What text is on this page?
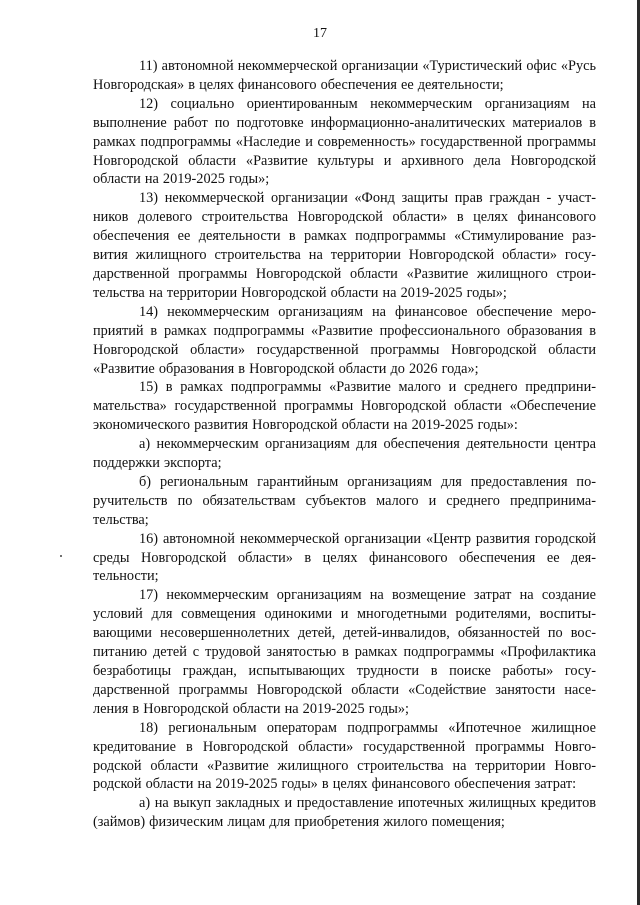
17

11) автономной некоммерческой организации «Туристический офис «Русь Новгородская» в целях финансового обеспечения ее деятельности;

12) социально ориентированным некоммерческим организациям на выполнение работ по подготовке информационно-аналитических материалов в рамках подпрограммы «Наследие и современность» государственной программы Новгородской области «Развитие культуры и архивного дела Новгородской области на 2019-2025 годы»;

13) некоммерческой организации «Фонд защиты прав граждан - участников долевого строительства Новгородской области» в целях финансового обеспечения ее деятельности в рамках подпрограммы «Стимулирование развития жилищного строительства на территории Новгородской области» государственной программы Новгородской области «Развитие жилищного строительства на территории Новгородской области на 2019-2025 годы»;

14) некоммерческим организациям на финансовое обеспечение мероприятий в рамках подпрограммы «Развитие профессионального образования в Новгородской области» государственной программы Новгородской области «Развитие образования в Новгородской области до 2026 года»;

15) в рамках подпрограммы «Развитие малого и среднего предпринимательства» государственной программы Новгородской области «Обеспечение экономического развития Новгородской области на 2019-2025 годы»:

а) некоммерческим организациям для обеспечения деятельности центра поддержки экспорта;

б) региональным гарантийным организациям для предоставления поручительств по обязательствам субъектов малого и среднего предпринимательства;

16) автономной некоммерческой организации «Центр развития городской среды Новгородской области» в целях финансового обеспечения ее деятельности;

17) некоммерческим организациям на возмещение затрат на создание условий для совмещения одинокими и многодетными родителями, воспитывающими несовершеннолетних детей, детей-инвалидов, обязанностей по воспитанию детей с трудовой занятостью в рамках подпрограммы «Профилактика безработицы граждан, испытывающих трудности в поиске работы» государственной программы Новгородской области «Содействие занятости населения в Новгородской области на 2019-2025 годы»;

18) региональным операторам подпрограммы «Ипотечное жилищное кредитование в Новгородской области» государственной программы Новгородской области «Развитие жилищного строительства на территории Новгородской области на 2019-2025 годы» в целях финансового обеспечения затрат:

а) на выкуп закладных и предоставление ипотечных жилищных кредитов (займов) физическим лицам для приобретения жилого помещения;
